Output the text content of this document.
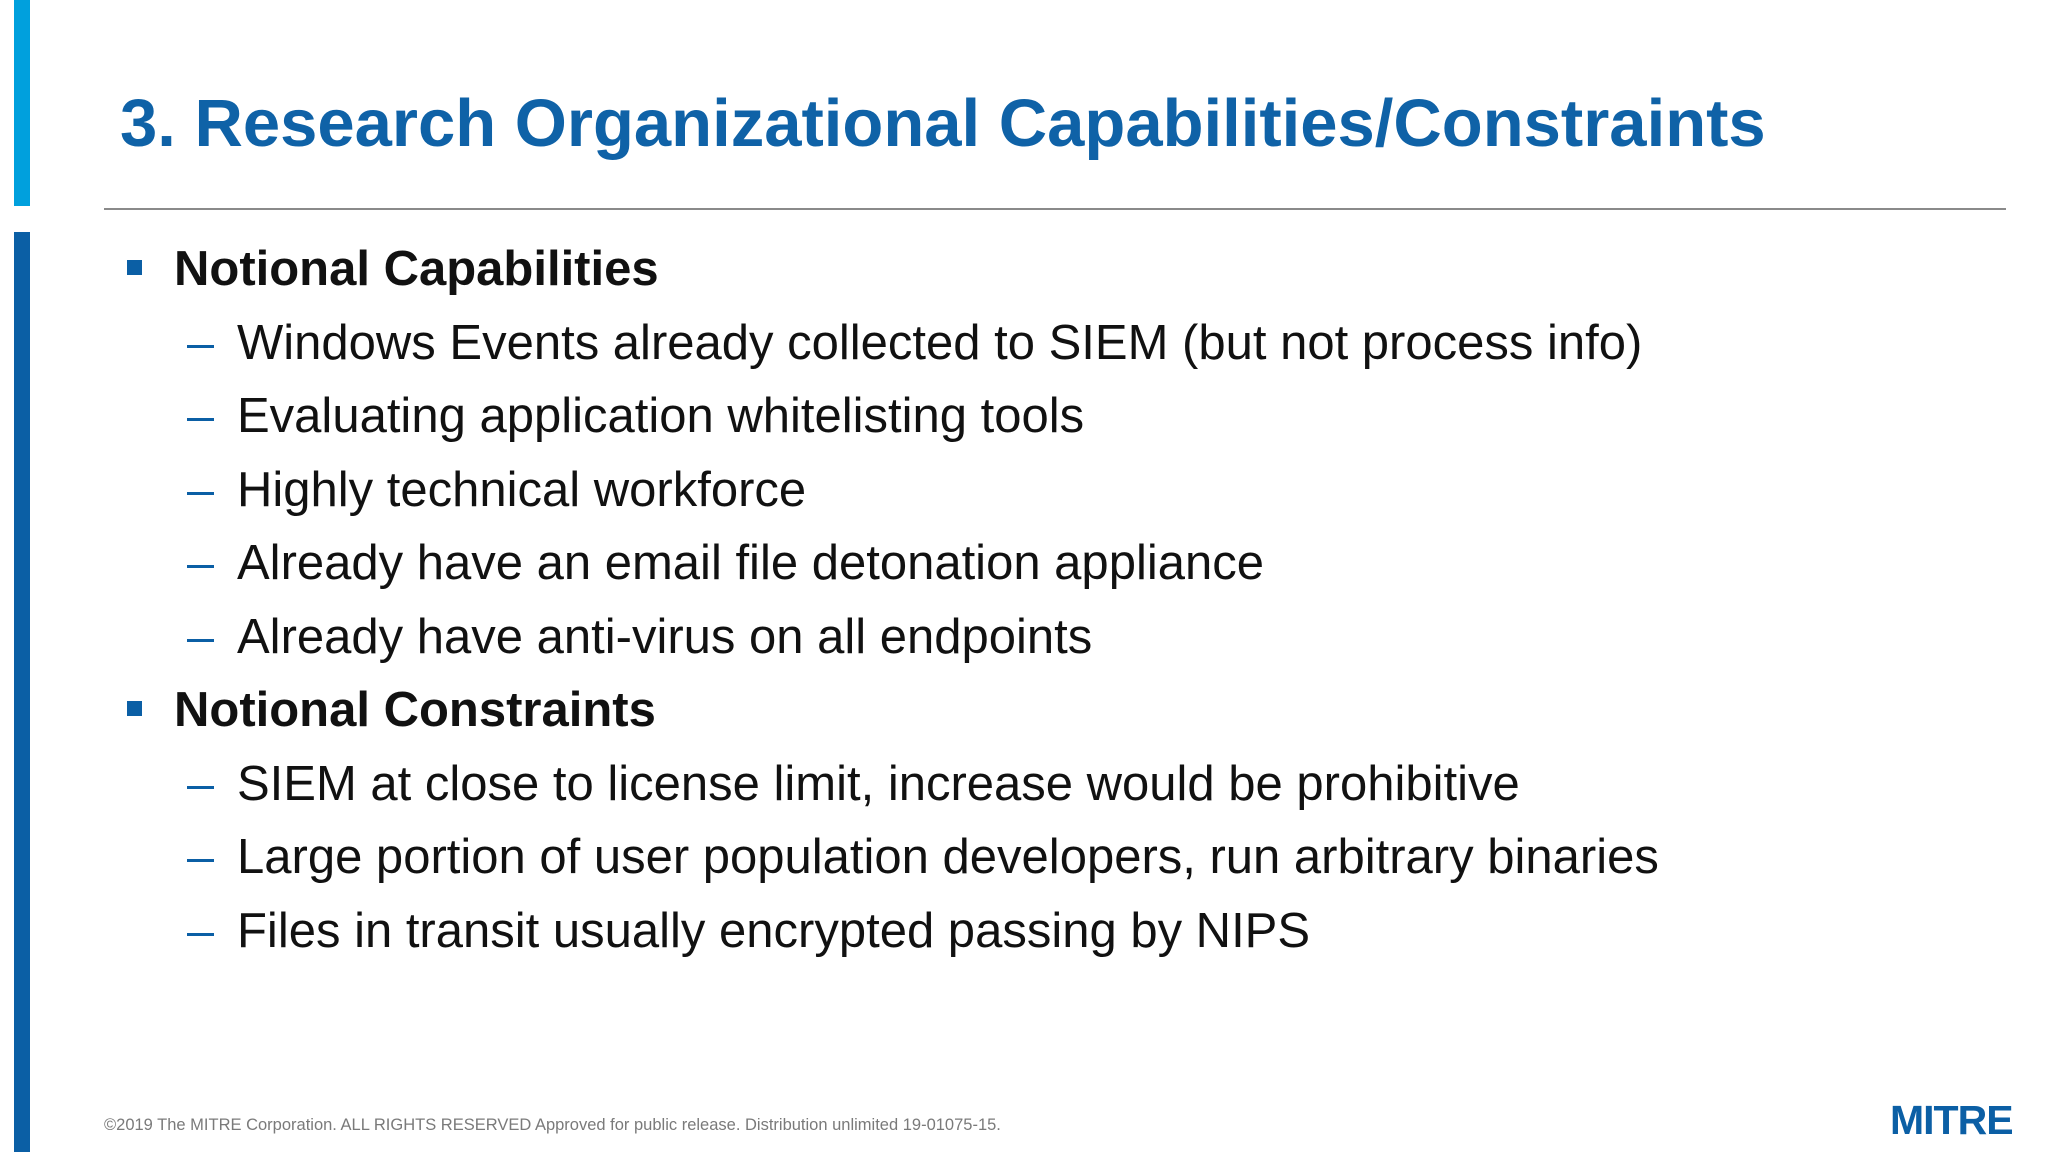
3. Research Organizational Capabilities/Constraints
Notional Capabilities
Windows Events already collected to SIEM (but not process info)
Evaluating application whitelisting tools
Highly technical workforce
Already have an email file detonation appliance
Already have anti-virus on all endpoints
Notional Constraints
SIEM at close to license limit, increase would be prohibitive
Large portion of user population developers, run arbitrary binaries
Files in transit usually encrypted passing by NIPS
©2019 The MITRE Corporation. ALL RIGHTS RESERVED Approved for public release. Distribution unlimited 19-01075-15.	MITRE
